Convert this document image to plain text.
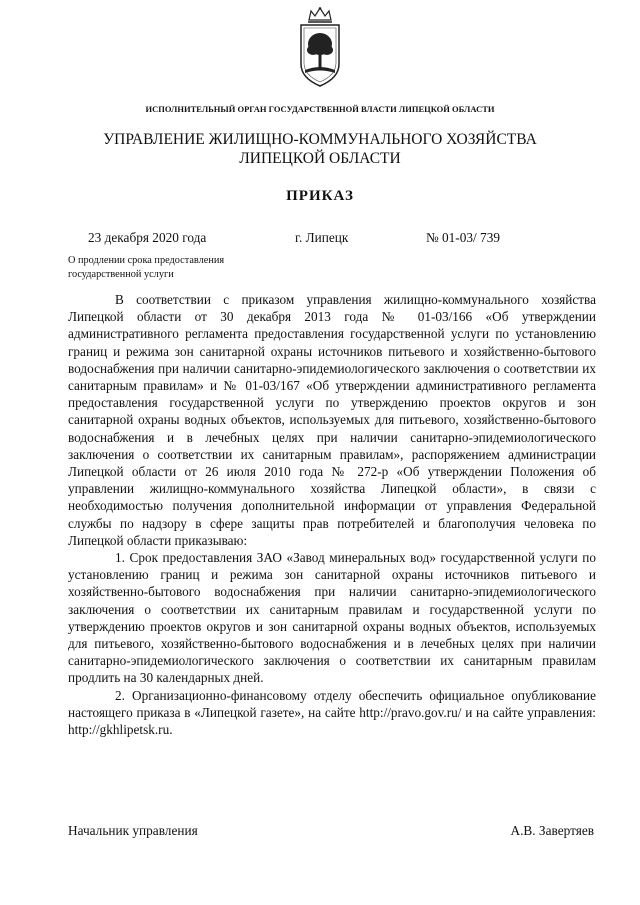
ИСПОЛНИТЕЛЬНЫЙ ОРГАН ГОСУДАРСТВЕННОЙ ВЛАСТИ ЛИПЕЦКОЙ ОБЛАСТИ
УПРАВЛЕНИЕ ЖИЛИЩНО-КОММУНАЛЬНОГО ХОЗЯЙСТВА
ЛИПЕЦКОЙ ОБЛАСТИ
ПРИКАЗ
23 декабря 2020 года	г. Липецк	№ 01-03/ 739
О продлении срока предоставления
государственной услуги

В соответствии с приказом управления жилищно-коммунального хозяйства Липецкой области от 30 декабря 2013 года № 01-03/166 «Об утверждении административного регламента предоставления государственной услуги по установлению границ и режима зон санитарной охраны источников питьевого и хозяйственно-бытового водоснабжения при наличии санитарно-эпидемиологического заключения о соответствии их санитарным правилам» и № 01-03/167 «Об утверждении административного регламента предоставления государственной услуги по утверждению проектов округов и зон санитарной охраны водных объектов, используемых для питьевого, хозяйственно-бытового водоснабжения и в лечебных целях при наличии санитарно-эпидемиологического заключения о соответствии их санитарным правилам», распоряжением администрации Липецкой области от 26 июля 2010 года № 272-р «Об утверждении Положения об управлении жилищно-коммунального хозяйства Липецкой области», в связи с необходимостью получения дополнительной информации от управления Федеральной службы по надзору в сфере защиты прав потребителей и благополучия человека по Липецкой области приказываю:

1. Срок предоставления ЗАО «Завод минеральных вод» государственной услуги по установлению границ и режима зон санитарной охраны источников питьевого и хозяйственно-бытового водоснабжения при наличии санитарно-эпидемиологического заключения о соответствии их санитарным правилам и государственной услуги по утверждению проектов округов и зон санитарной охраны водных объектов, используемых для питьевого, хозяйственно-бытового водоснабжения и в лечебных целях при наличии санитарно-эпидемиологического заключения о соответствии их санитарным правилам продлить на 30 календарных дней.

2. Организационно-финансовому отделу обеспечить официальное опубликование настоящего приказа в «Липецкой газете», на сайте http://pravo.gov.ru/ и на сайте управления: http://gkhlipetsk.ru.

Начальник управления	А.В. Завертяев
